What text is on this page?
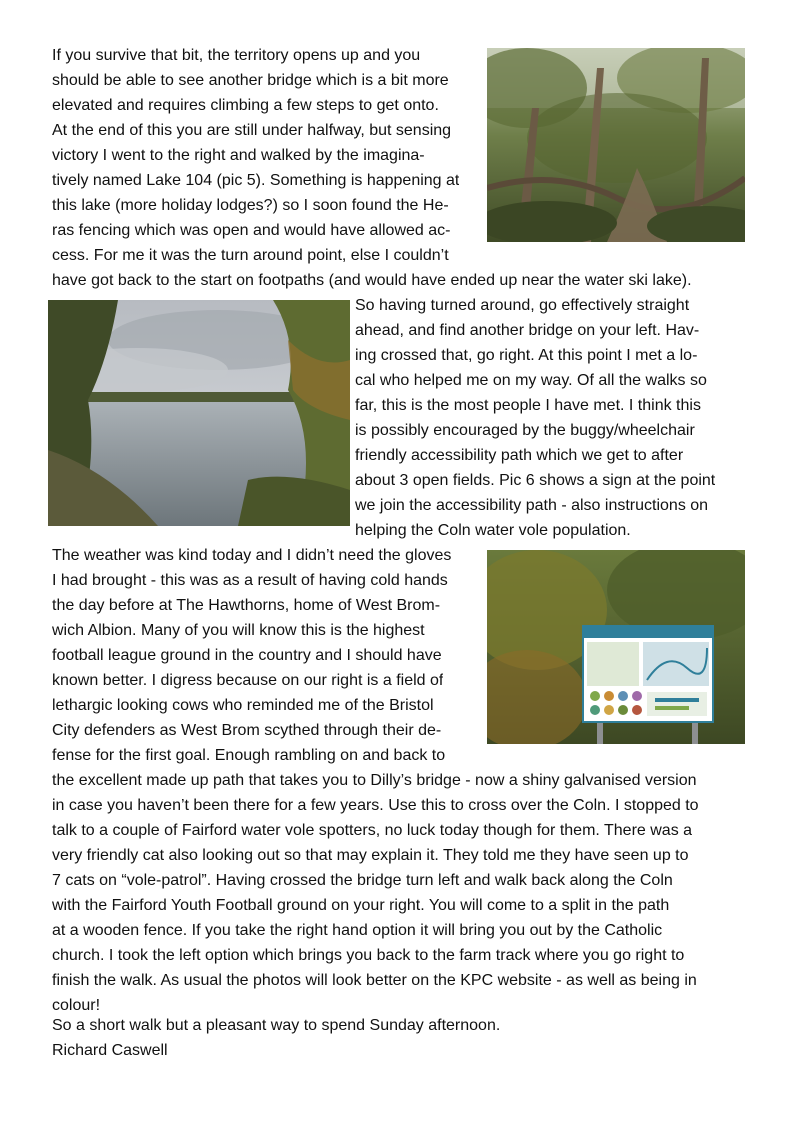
If you survive that bit, the territory opens up and you
should be able to see another bridge which is a bit more
elevated and requires climbing a few steps to get onto.
At the end of this you are still under halfway, but sensing
victory I went to the right and walked by the imagina-
tively named Lake 104 (pic 5). Something is happening at
this lake (more holiday lodges?) so I soon found the He-
ras fencing which was open and would have allowed ac-
cess. For me it was the turn around point, else I couldn’t
have got back to the start on footpaths (and would have ended up near the water ski lake).
So having turned around, go effectively straight
ahead, and find another bridge on your left. Hav-
ing crossed that, go right. At this point I met a lo-
cal who helped me on my way. Of all the walks so
far, this is the most people I have met. I think this
is possibly encouraged by the buggy/wheelchair
friendly accessibility path which we get to after
about 3 open fields. Pic 6 shows a sign at the point
we join the accessibility path - also instructions on
helping the Coln water vole population.
The weather was kind today and I didn’t need the gloves
I had brought - this was as a result of having cold hands
the day before at The Hawthorns, home of West Brom-
wich Albion. Many of you will know this is the highest
football league ground in the country and I should have
known better. I digress because on our right is a field of
lethargic looking cows who reminded me of the Bristol
City defenders as West Brom scythed through their de-
fense for the first goal. Enough rambling on and back to
the excellent made up path that takes you to Dilly’s bridge - now a shiny galvanised version
in case you haven’t been there for a few years. Use this to cross over the Coln. I stopped to
talk to a couple of Fairford water vole spotters, no luck today though for them. There was a
very friendly cat also looking out so that may explain it. They told me they have seen up to
7 cats on “vole-patrol”. Having crossed the bridge turn left and walk back along the Coln
with the Fairford Youth Football ground on your right. You will come to a split in the path
at a wooden fence. If you take the right hand option it will bring you out by the Catholic
church. I took the left option which brings you back to the farm track where you go right to
finish the walk. As usual the photos will look better on the KPC website - as well as being in
colour!
So a short walk but a pleasant way to spend Sunday afternoon.
Richard Caswell
